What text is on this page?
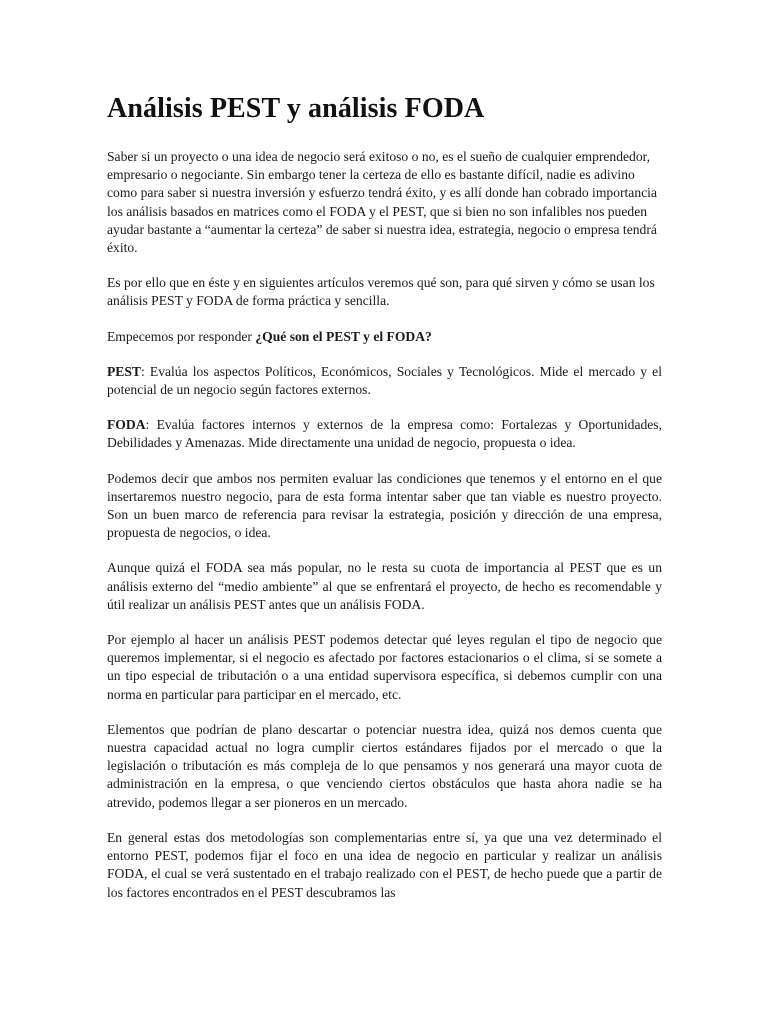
Análisis PEST y análisis FODA

Saber si un proyecto o una idea de negocio será exitoso o no, es el sueño de cualquier emprendedor, empresario o negociante. Sin embargo tener la certeza de ello es bastante difícil, nadie es adivino como para saber si nuestra inversión y esfuerzo tendrá éxito, y es allí donde han cobrado importancia los análisis basados en matrices como el FODA y el PEST, que si bien no son infalibles nos pueden ayudar bastante a “aumentar la certeza” de saber si nuestra idea, estrategia, negocio o empresa tendrá éxito.

Es por ello que en éste y en siguientes artículos veremos qué son, para qué sirven y cómo se usan los análisis PEST y FODA de forma práctica y sencilla.

Empecemos por responder ¿Qué son el PEST y el FODA?

PEST: Evalúa los aspectos Políticos, Económicos, Sociales y Tecnológicos. Mide el mercado y el potencial de un negocio según factores externos.

FODA: Evalúa factores internos y externos de la empresa como: Fortalezas y Oportunidades, Debilidades y Amenazas. Mide directamente una unidad de negocio, propuesta o idea.

Podemos decir que ambos nos permiten evaluar las condiciones que tenemos y el entorno en el que insertaremos nuestro negocio, para de esta forma intentar saber que tan viable es nuestro proyecto. Son un buen marco de referencia para revisar la estrategia, posición y dirección de una empresa, propuesta de negocios, o idea.

Aunque quizá el FODA sea más popular, no le resta su cuota de importancia al PEST que es un análisis externo del “medio ambiente” al que se enfrentará el proyecto, de hecho es recomendable y útil realizar un análisis PEST antes que un análisis FODA.

Por ejemplo al hacer un análisis PEST podemos detectar qué leyes regulan el tipo de negocio que queremos implementar, si el negocio es afectado por factores estacionarios o el clima, si se somete a un tipo especial de tributación o a una entidad supervisora específica, si debemos cumplir con una norma en particular para participar en el mercado, etc.

Elementos que podrían de plano descartar o potenciar nuestra idea, quizá nos demos cuenta que nuestra capacidad actual no logra cumplir ciertos estándares fijados por el mercado o que la legislación o tributación es más compleja de lo que pensamos y nos generará una mayor cuota de administración en la empresa, o que venciendo ciertos obstáculos que hasta ahora nadie se ha atrevido, podemos llegar a ser pioneros en un mercado.

En general estas dos metodologías son complementarias entre sí, ya que una vez determinado el entorno PEST, podemos fijar el foco en una idea de negocio en particular y realizar un análisis FODA, el cual se verá sustentado en el trabajo realizado con el PEST, de hecho puede que a partir de los factores encontrados en el PEST descubramos las
